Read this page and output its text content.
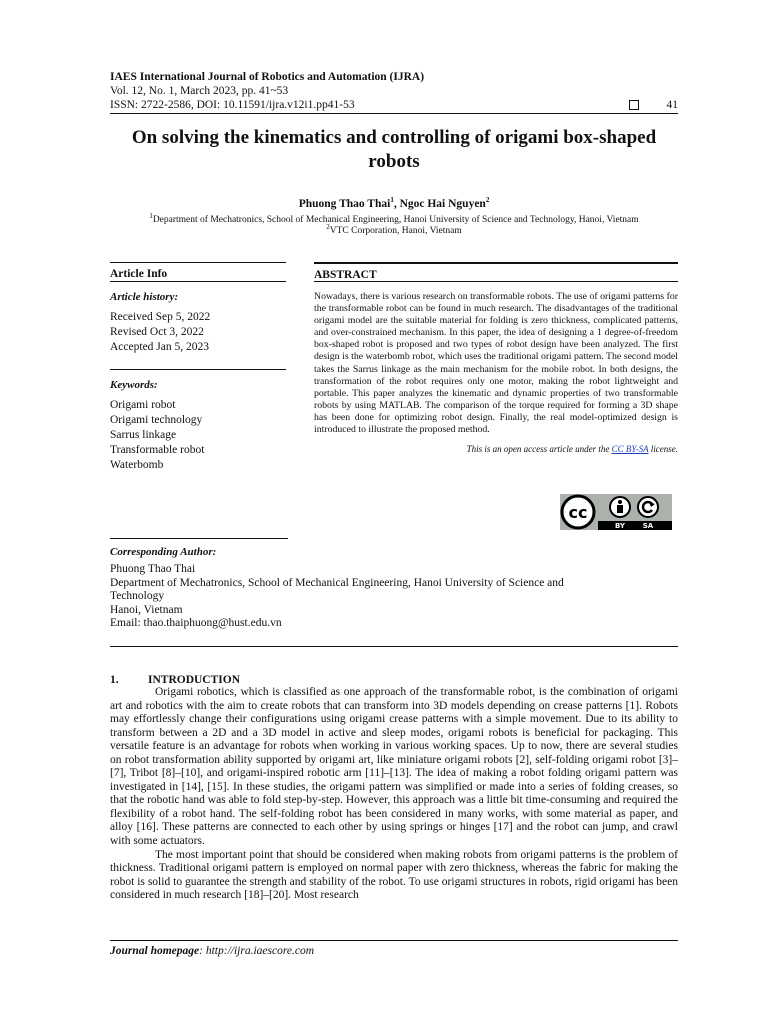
IAES International Journal of Robotics and Automation (IJRA)
Vol. 12, No. 1, March 2023, pp. 41~53
ISSN: 2722-2586, DOI: 10.11591/ijra.v12i1.pp41-53	41
On solving the kinematics and controlling of origami box-shaped robots
Phuong Thao Thai$^1$, Ngoc Hai Nguyen$^2$
$^1$Department of Mechatronics, School of Mechanical Engineering, Hanoi University of Science and Technology, Hanoi, Vietnam
$^2$VTC Corporation, Hanoi, Vietnam
Article Info
Article history:
Received Sep 5, 2022
Revised Oct 3, 2022
Accepted Jan 5, 2023
Keywords:
Origami robot
Origami technology
Sarrus linkage
Transformable robot
Waterbomb
ABSTRACT
Nowadays, there is various research on transformable robots. The use of origami patterns for the transformable robot can be found in much research. The disadvantages of the traditional origami model are the suitable material for folding is zero thickness, complicated patterns, and over-constrained mechanism. In this paper, the idea of designing a 1 degree-of-freedom box-shaped robot is proposed and two types of robot design have been analyzed. The first design is the waterbomb robot, which uses the traditional origami pattern. The second model takes the Sarrus linkage as the main mechanism for the mobile robot. In both designs, the transformation of the robot requires only one motor, making the robot lightweight and portable. This paper analyzes the kinematic and dynamic properties of two transformable robots by using MATLAB. The comparison of the torque required for forming a 3D shape has been done for optimizing robot design. Finally, the real model-optimized design is introduced to illustrate the proposed method.
This is an open access article under the CC BY-SA license.
cc
BY	SA
Corresponding Author:
Phuong Thao Thai
Department of Mechatronics, School of Mechanical Engineering, Hanoi University of Science and
Technology
Hanoi, Vietnam
Email: thao.thaiphuong@hust.edu.vn
1.	INTRODUCTION

Origami robotics, which is classified as one approach of the transformable robot, is the combination of origami art and robotics with the aim to create robots that can transform into 3D models depending on crease patterns [1]. Robots may effortlessly change their configurations using origami crease patterns with a simple movement. Due to its ability to transform between a 2D and a 3D model in active and sleep modes, origami robots is beneficial for packaging. This versatile feature is an advantage for robots when working in various working spaces. Up to now, there are several studies on robot transformation ability supported by origami art, like miniature origami robots [2], self-folding origami robot [3]–[7], Tribot [8]–[10], and origami-inspired robotic arm [11]–[13]. The idea of making a robot folding origami pattern was investigated in [14], [15]. In these studies, the origami pattern was simplified or made into a series of folding creases, so that the robotic hand was able to fold step-by-step. However, this approach was a little bit time-consuming and required the flexibility of a robot hand. The self-folding robot has been considered in many works, with some material as paper, and alloy [16]. These patterns are connected to each other by using springs or hinges [17] and the robot can jump, and crawl with some actuators.

The most important point that should be considered when making robots from origami patterns is the problem of thickness. Traditional origami pattern is employed on normal paper with zero thickness, whereas the fabric for making the robot is solid to guarantee the strength and stability of the robot. To use origami structures in robots, rigid origami has been considered in much research [18]–[20]. Most research

Journal homepage: http://ijra.iaescore.com
